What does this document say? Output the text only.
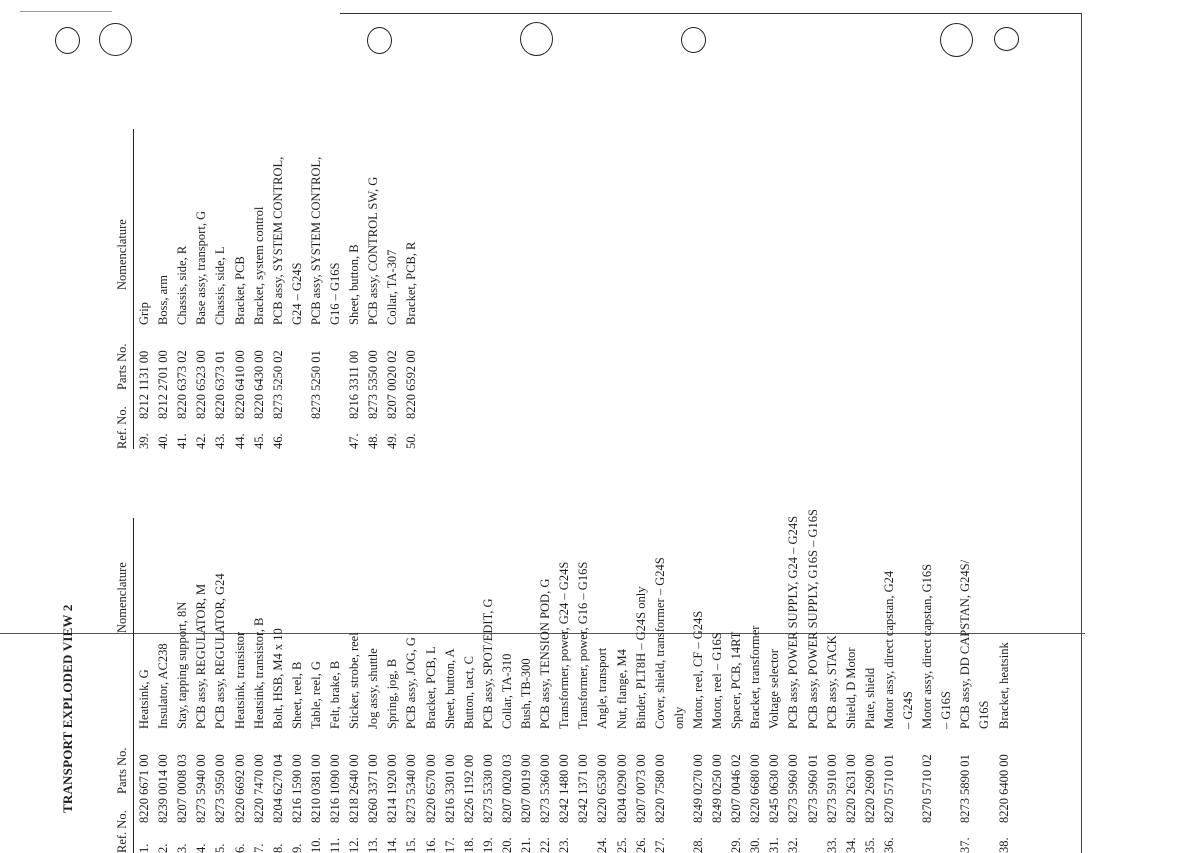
TRANSPORT EXPLODED VIEW 2
Ref. No.
Parts No.
Nomenclature
1.
8220 6671 00
Heatsink, G
2.
8239 0014 00
Insulator, AC238
3.
8207 0008 03
Stay, tapping support, 8N
4.
8273 5940 00
PCB assy, REGULATOR, M
5.
8273 5950 00
PCB assy, REGULATOR, G24
6.
8220 6692 00
Heatsink, transistor
7.
8220 7470 00
Heatsink, transistor, B
8.
8204 6270 04
Bolt, HSB, M4 x 10
9.
8216 1590 00
Sheet, reel, B
10.
8210 0381 00
Table, reel, G
11.
8216 1090 00
Felt, brake, B
12.
8218 2640 00
Sticker, strobe, reel
13.
8260 3371 00
Jog assy, shuttle
14.
8214 1920 00
Spring, jog, B
15.
8273 5340 00
PCB assy, JOG, G
16.
8220 6570 00
Bracket, PCB, L
17.
8216 3301 00
Sheet, button, A
18.
8226 1192 00
Button, tact, C
19.
8273 5330 00
PCB assy, SPOT/EDIT, G
20.
8207 0020 03
Collar, TA-310
21.
8207 0019 00
Bush, TB-300
22.
8273 5360 00
PCB assy, TENSION POD, G
23.
8242 1480 00
Transformer, power, G24 – G24S
8242 1371 00
Transformer, power, G16 – G16S
24.
8220 6530 00
Angle, transport
25.
8204 0290 00
Nut, flange, M4
26.
8207 0073 00
Binder, PLT8H – G24S only
27.
8220 7580 00
Cover, shield, transformer – G24S only
28.
8249 0270 00
Motor, reel, CF – G24S
8249 0250 00
Motor, reel – G16S
29.
8207 0046 02
Spacer, PCB, 14RT
30.
8220 6680 00
Bracket, transformer
31.
8245 0630 00
Voltage selector
32.
8273 5960 00
PCB assy, POWER SUPPLY, G24 – G24S
8273 5960 01
PCB assy, POWER SUPPLY, G16S – G16S
33.
8273 5910 00
PCB assy, STACK
34.
8220 2631 00
Shield, D Motor
35.
8220 2690 00
Plate, shield
36.
8270 5710 01
Motor assy, direct capstan, G24 – G24S
8270 5710 02
Motor assy, direct capstan, G16S – G16S
37.
8273 5890 01
PCB assy, DD CAPSTAN, G24S/ G16S
38.
8220 6400 00
Bracket, heatsink
Ref. No.
Parts No.
Nomenclature
39.
8212 1131 00
Grip
40.
8212 2701 00
Boss, arm
41.
8220 6373 02
Chassis, side, R
42.
8220 6523 00
Base assy, transport, G
43.
8220 6373 01
Chassis, side, L
44.
8220 6410 00
Bracket, PCB
45.
8220 6430 00
Bracket, system control
46.
8273 5250 02
PCB assy, SYSTEM CONTROL, G24 – G24S
8273 5250 01
PCB assy, SYSTEM CONTROL, G16 – G16S
47.
8216 3311 00
Sheet, button, B
48.
8273 5350 00
PCB assy, CONTROL SW, G
49.
8207 0020 02
Collar, TA-307
50.
8220 6592 00
Bracket, PCB, R
